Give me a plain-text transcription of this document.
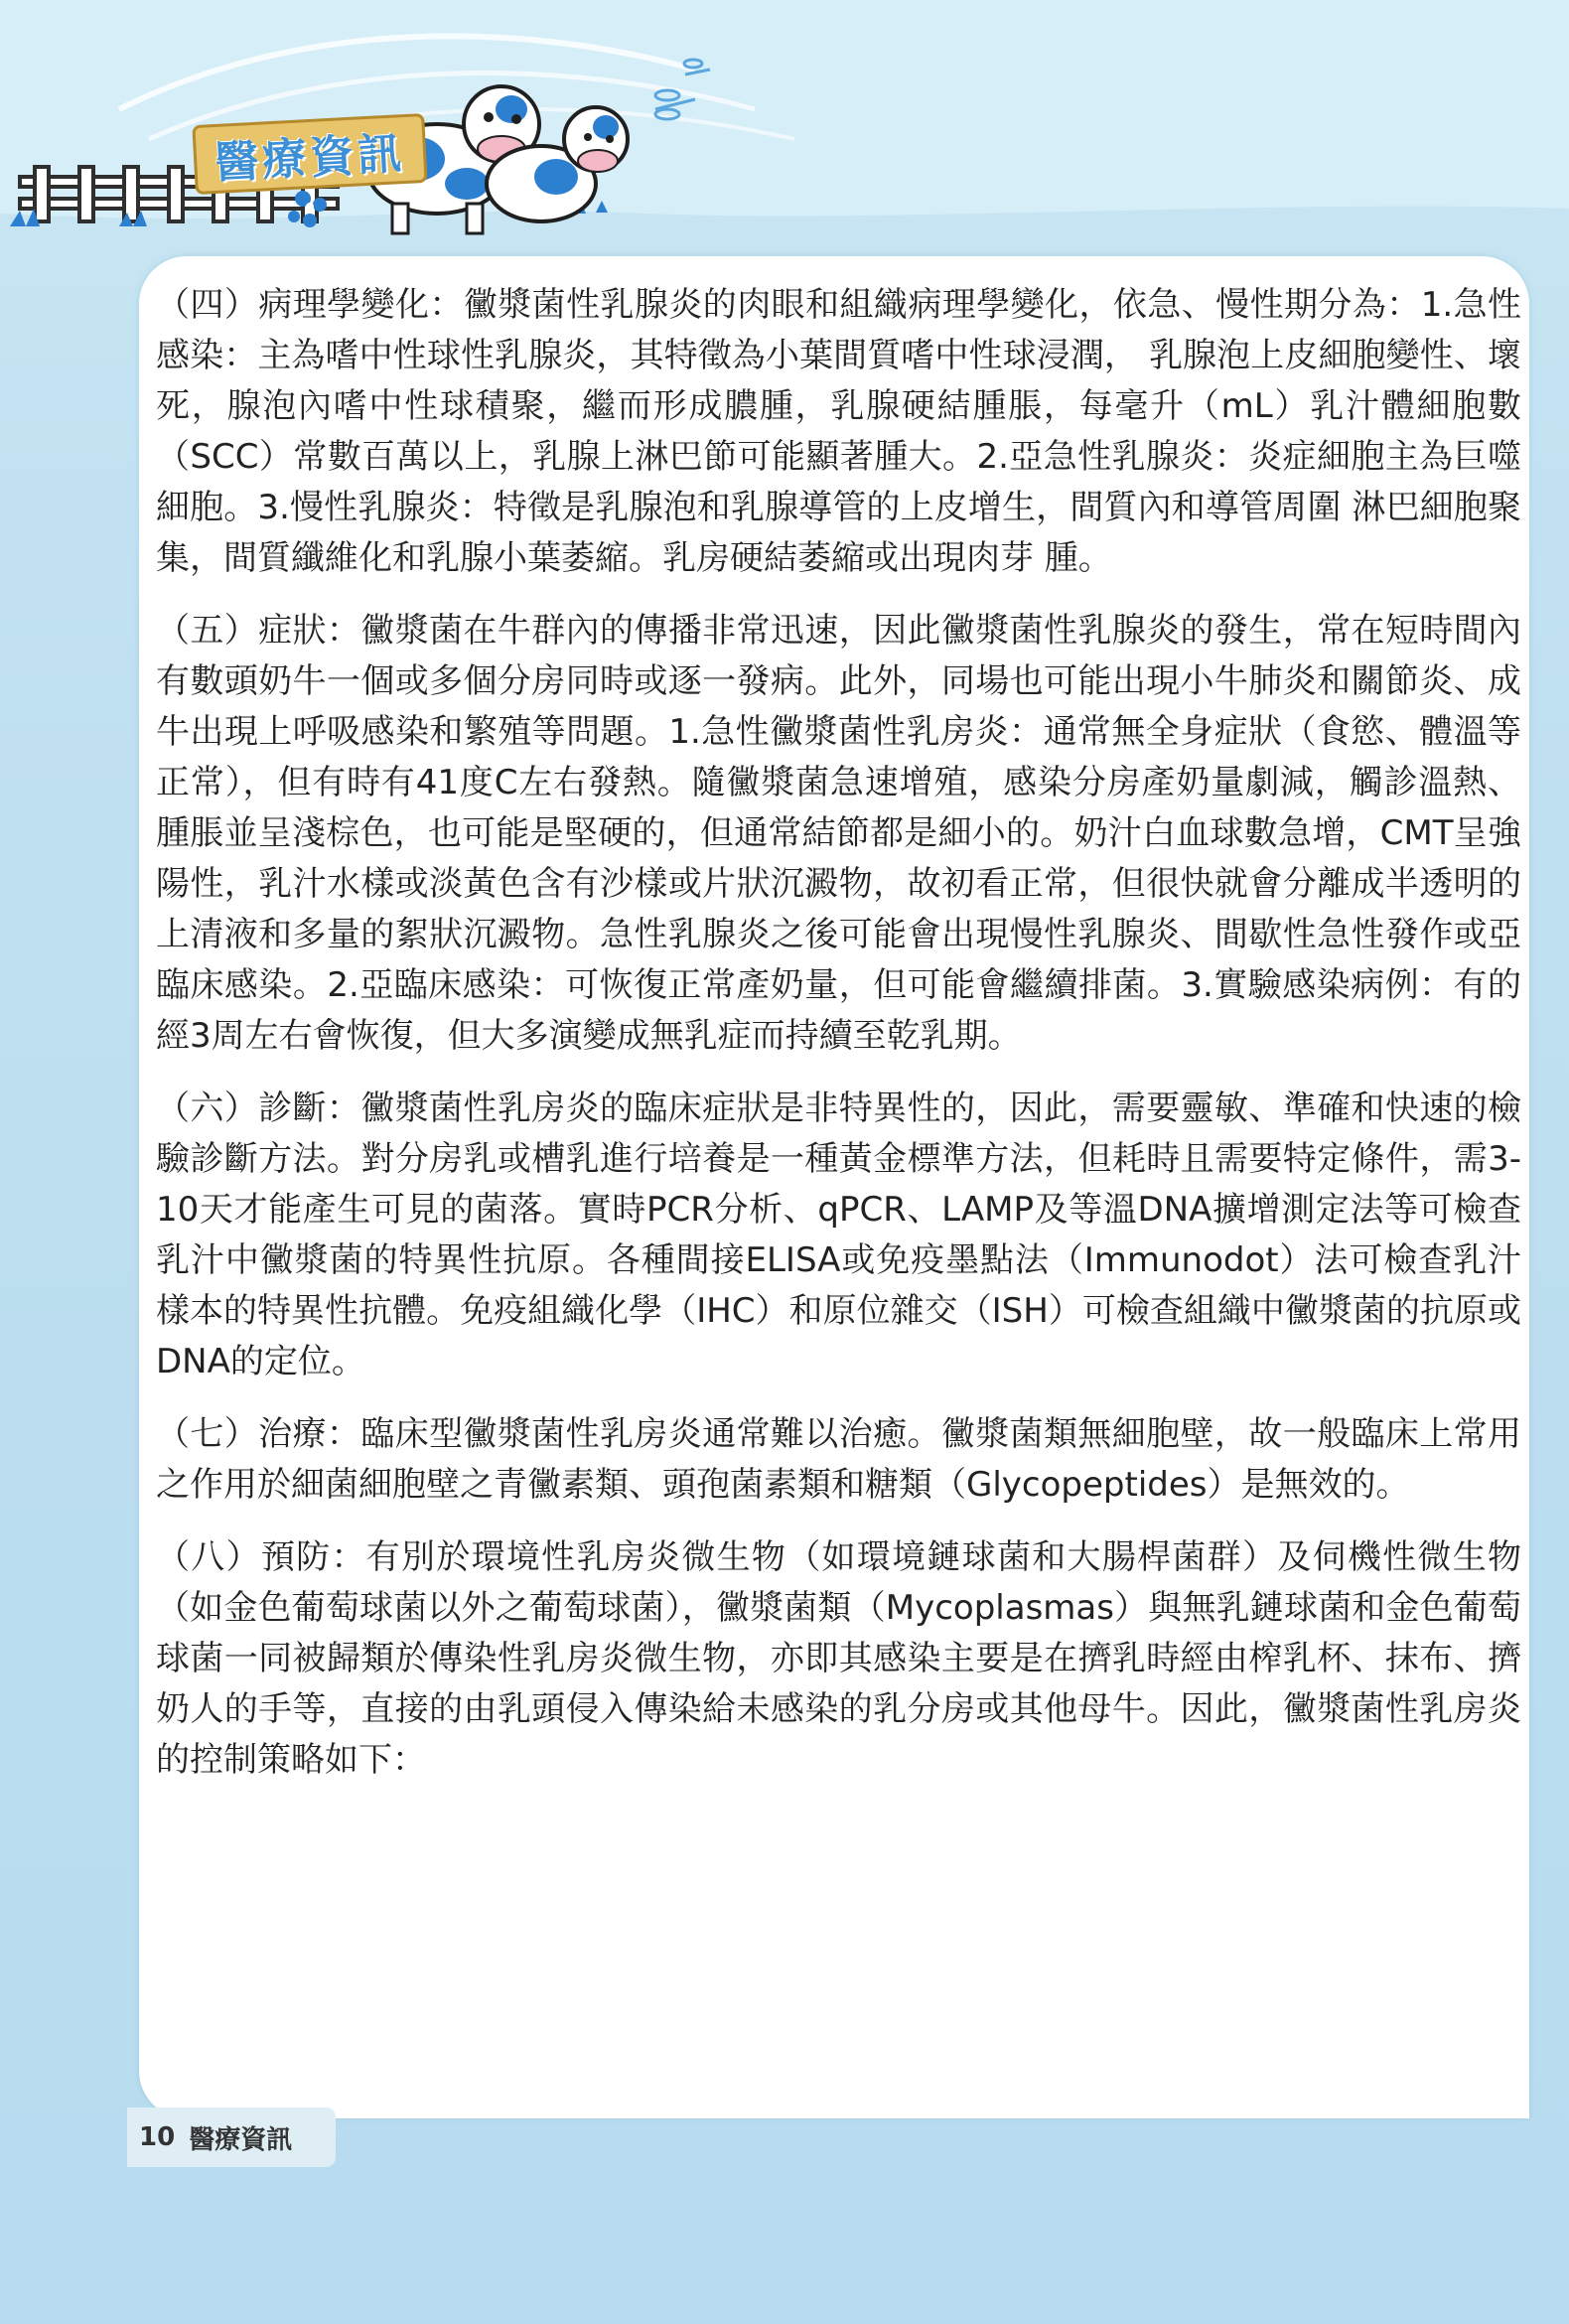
醫療資訊

（四）病理學變化：黴漿菌性乳腺炎的肉眼和組織病理學變化，依急、慢性期分為：1.急性感染：主為嗜中性球性乳腺炎，其特徵為小葉間質嗜中性球浸潤， 乳腺泡上皮細胞變性、壞死，腺泡內嗜中性球積聚，繼而形成膿腫，乳腺硬結腫脹，每毫升（mL）乳汁體細胞數（SCC）常數百萬以上，乳腺上淋巴節可能顯著腫大。2.亞急性乳腺炎：炎症細胞主為巨噬細胞。3.慢性乳腺炎：特徵是乳腺泡和乳腺導管的上皮增生，間質內和導管周圍 淋巴細胞聚集，間質纖維化和乳腺小葉萎縮。乳房硬結萎縮或出現肉芽 腫。

（五）症狀：黴漿菌在牛群內的傳播非常迅速，因此黴漿菌性乳腺炎的發生，常在短時間內有數頭奶牛一個或多個分房同時或逐一發病。此外，同場也可能出現小牛肺炎和關節炎、成牛出現上呼吸感染和繁殖等問題。1.急性黴漿菌性乳房炎：通常無全身症狀（食慾、體溫等正常），但有時有41度C左右發熱。隨黴漿菌急速增殖，感染分房產奶量劇減，觸診溫熱、腫脹並呈淺棕色，也可能是堅硬的，但通常結節都是細小的。奶汁白血球數急增，CMT呈強陽性，乳汁水樣或淡黃色含有沙樣或片狀沉澱物，故初看正常，但很快就會分離成半透明的上清液和多量的絮狀沉澱物。急性乳腺炎之後可能會出現慢性乳腺炎、間歇性急性發作或亞臨床感染。2.亞臨床感染：可恢復正常產奶量，但可能會繼續排菌。3.實驗感染病例：有的經3周左右會恢復，但大多演變成無乳症而持續至乾乳期。

（六）診斷：黴漿菌性乳房炎的臨床症狀是非特異性的，因此，需要靈敏、準確和快速的檢驗診斷方法。對分房乳或槽乳進行培養是一種黃金標準方法，但耗時且需要特定條件，需3-10天才能產生可見的菌落。實時PCR分析、qPCR、LAMP及等溫DNA擴增測定法等可檢查乳汁中黴漿菌的特異性抗原。各種間接ELISA或免疫墨點法（Immunodot）法可檢查乳汁樣本的特異性抗體。免疫組織化學（IHC）和原位雜交（ISH）可檢查組織中黴漿菌的抗原或DNA的定位。

（七）治療：臨床型黴漿菌性乳房炎通常難以治癒。黴漿菌類無細胞壁，故一般臨床上常用之作用於細菌細胞壁之青黴素類、頭孢菌素類和糖類（Glycopeptides）是無效的。

（八）預防：有別於環境性乳房炎微生物（如環境鏈球菌和大腸桿菌群）及伺機性微生物（如金色葡萄球菌以外之葡萄球菌），黴漿菌類（Mycoplasmas）與無乳鏈球菌和金色葡萄球菌一同被歸類於傳染性乳房炎微生物，亦即其感染主要是在擠乳時經由榨乳杯、抹布、擠奶人的手等，直接的由乳頭侵入傳染給未感染的乳分房或其他母牛。因此，黴漿菌性乳房炎的控制策略如下：

10 醫療資訊
